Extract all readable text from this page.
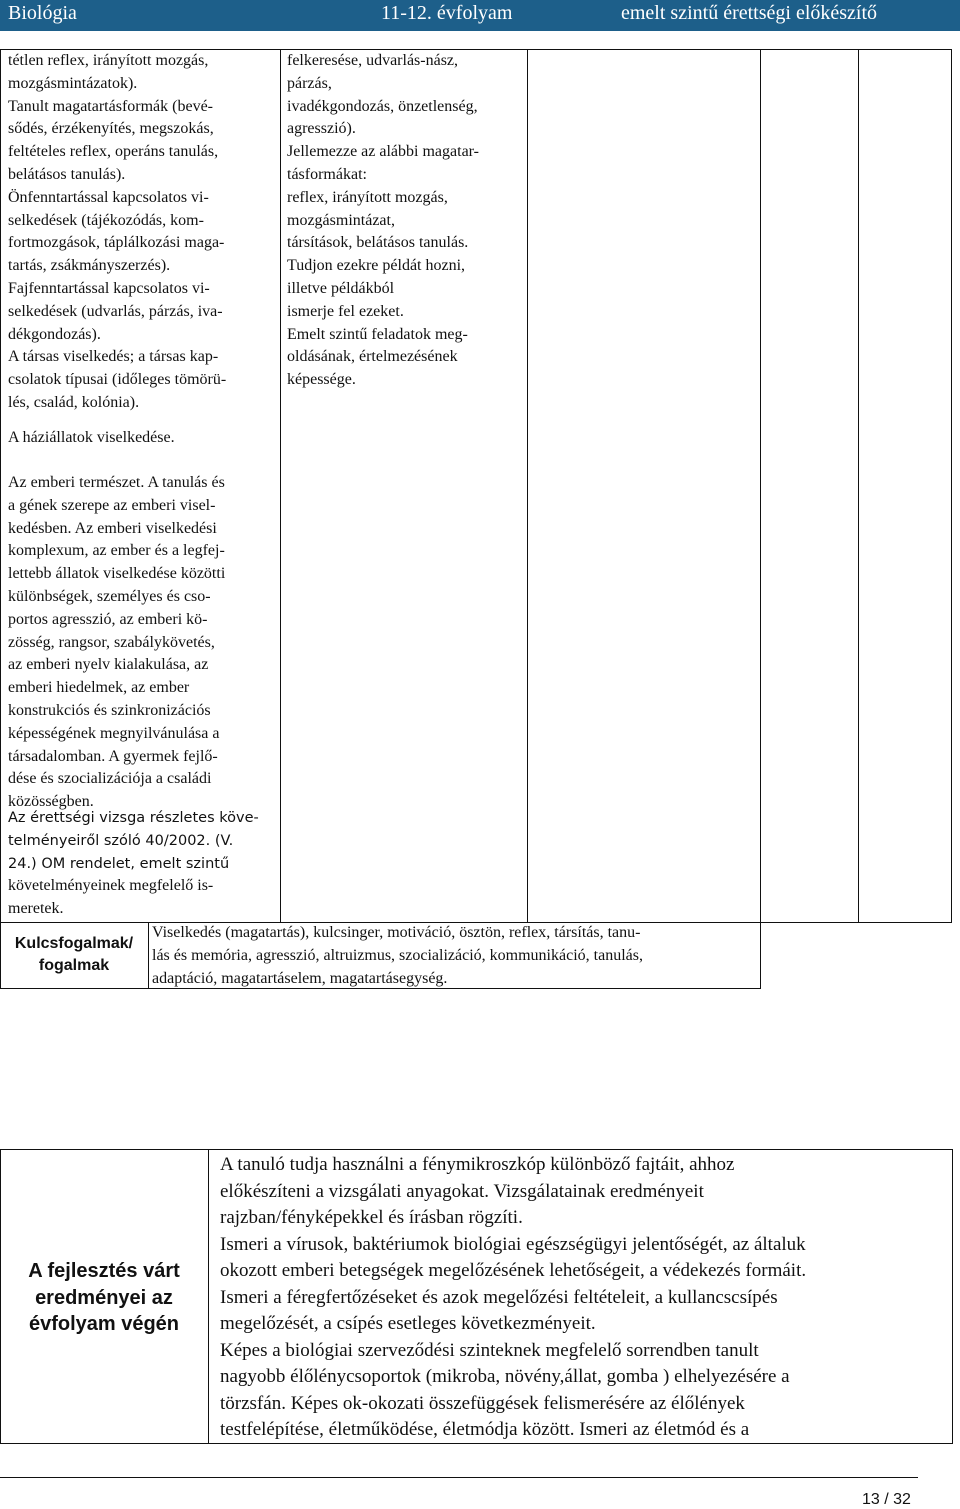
Biológia	11-12. évfolyam	emelt szintű érettségi előkészítő
tétlen reflex, irányított mozgás,
mozgásmintázatok).
Tanult magatartásformák (bevé-
sődés, érzékenyítés, megszokás,
feltételes reflex, operáns tanulás,
belátásos tanulás).
Önfenntartással kapcsolatos vi-
selkedések (tájékozódás, kom-
fortmozgások, táplálkozási maga-
tartás, zsákmányszerzés).
Fajfenntartással kapcsolatos vi-
selkedések (udvarlás, párzás, iva-
dékgondozás).
A társas viselkedés; a társas kap-
csolatok típusai (időleges tömörü-
lés, család, kolónia).
A háziállatok viselkedése.
Az emberi természet. A tanulás és
a gének szerepe az emberi visel-
kedésben. Az emberi viselkedési
komplexum, az ember és a legfej-
lettebb állatok viselkedése közötti
különbségek, személyes és cso-
portos agresszió, az emberi kö-
zösség, rangsor, szabálykövetés,
az emberi nyelv kialakulása, az
emberi hiedelmek, az ember
konstrukciós és szinkronizációs
képességének megnyilvánulása a
társadalomban. A gyermek fejlő-
dése és szocializációja a családi
közösségben.
Az érettségi vizsga részletes köve-
telményeiről szóló 40/2002. (V.
24.) OM rendelet, emelt szintű
követelményeinek megfelelő is-
meretek.
felkeresése, udvarlás-nász,
párzás,
ivadékgondozás, önzetlenség,
agresszió).
Jellemezze az alábbi magatar-
tásformákat:
reflex, irányított mozgás,
mozgásmintázat,
társítások, belátásos tanulás.
Tudjon ezekre példát hozni,
illetve példákból
ismerje fel ezeket.
Emelt szintű feladatok meg-
oldásának, értelmezésének
képessége.
Kulcsfogalmak/
fogalmak
Viselkedés (magatartás), kulcsinger, motiváció, ösztön, reflex, társítás, tanu-
lás és memória, agresszió, altruizmus, szocializáció, kommunikáció, tanulás,
adaptáció, magatartáselem, magatartásegység.
A fejlesztés várt
eredményei az
évfolyam végén
A tanuló tudja használni a fénymikroszkóp különböző fajtáit, ahhoz
előkészíteni a vizsgálati anyagokat. Vizsgálatainak eredményeit
rajzban/fényképekkel és írásban rögzíti.
Ismeri a vírusok, baktériumok biológiai egészségügyi jelentőségét, az általuk
okozott emberi betegségek megelőzésének lehetőségeit, a védekezés formáit.
Ismeri a féregfertőzéseket és azok megelőzési feltételeit, a kullancscsípés
megelőzését, a csípés esetleges következményeit.
Képes a biológiai szerveződési szinteknek megfelelő sorrendben tanult
nagyobb élőlénycsoportok (mikroba, növény,állat, gomba ) elhelyezésére a
törzsfán. Képes ok-okozati összefüggések felismerésére az élőlények
testfelépítése, életműködése, életmódja között. Ismeri az életmód és a
13 / 32
